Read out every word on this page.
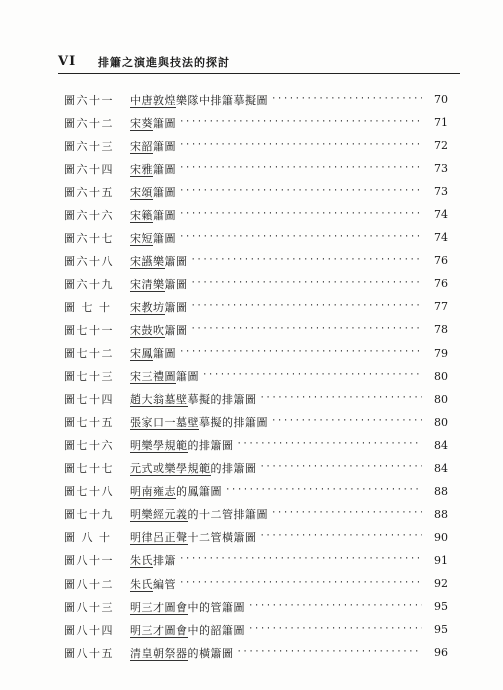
VI 排簫之演進與技法的探討
圖六十一	中唐敦煌樂隊中排簫摹擬圖 ·····	70
圖六十二	宋葵簫圖 ·····	71
圖六十三	宋韶簫圖 ·····	72
圖六十四	宋雅簫圖 ·····	73
圖六十五	宋頌簫圖 ·····	73
圖六十六	宋籟簫圖 ·····	74
圖六十七	宋短簫圖 ·····	74
圖六十八	宋讌樂簫圖 ·····	76
圖六十九	宋清樂簫圖 ·····	76
圖 七 十	宋教坊簫圖 ·····	77
圖七十一	宋鼓吹簫圖 ·····	78
圖七十二	宋鳳簫圖 ·····	79
圖七十三	宋三禮圖簫圖 ·····	80
圖七十四	趙大翁墓壁摹擬的排簫圖 ·····	80
圖七十五	張家口一墓壁摹擬的排簫圖 ·····	80
圖七十六	明樂學規範的排簫圖 ·····	84
圖七十七	元式或樂學規範的排簫圖 ·····	84
圖七十八	明南雍志的鳳簫圖 ·····	88
圖七十九	明樂經元義的十二管排簫圖 ·····	88
圖 八 十	明律呂正聲十二管橫簫圖 ·····	90
圖八十一	朱氏排簫 ·····	91
圖八十二	朱氏編管 ·····	92
圖八十三	明三才圖會中的管簫圖 ·····	95
圖八十四	明三才圖會中的韶簫圖 ·····	95
圖八十五	清皇朝祭器的橫簫圖 ·····	96
